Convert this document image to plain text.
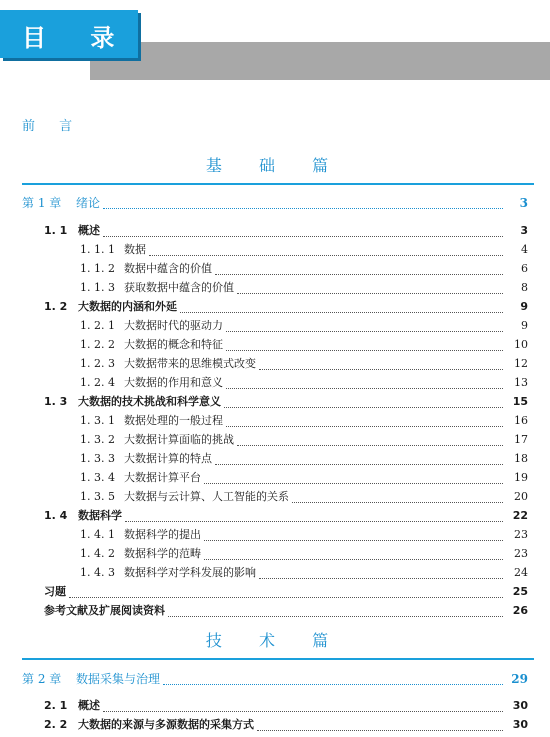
目 录
前 言
基 础 篇
第 1 章	绪论	3
1. 1 概述	3
1. 1. 1 数据	4
1. 1. 2 数据中蕴含的价值	6
1. 1. 3 获取数据中蕴含的价值	8
1. 2 大数据的内涵和外延	9
1. 2. 1 大数据时代的驱动力	9
1. 2. 2 大数据的概念和特征	10
1. 2. 3 大数据带来的思维模式改变	12
1. 2. 4 大数据的作用和意义	13
1. 3 大数据的技术挑战和科学意义	15
1. 3. 1 数据处理的一般过程	16
1. 3. 2 大数据计算面临的挑战	17
1. 3. 3 大数据计算的特点	18
1. 3. 4 大数据计算平台	19
1. 3. 5 大数据与云计算、人工智能的关系	20
1. 4 数据科学	22
1. 4. 1 数据科学的提出	23
1. 4. 2 数据科学的范畴	23
1. 4. 3 数据科学对学科发展的影响	24
习题	25
参考文献及扩展阅读资料	26
技 术 篇
第 2 章	数据采集与治理	29
2. 1 概述	30
2. 2 大数据的来源与多源数据的采集方式	30
